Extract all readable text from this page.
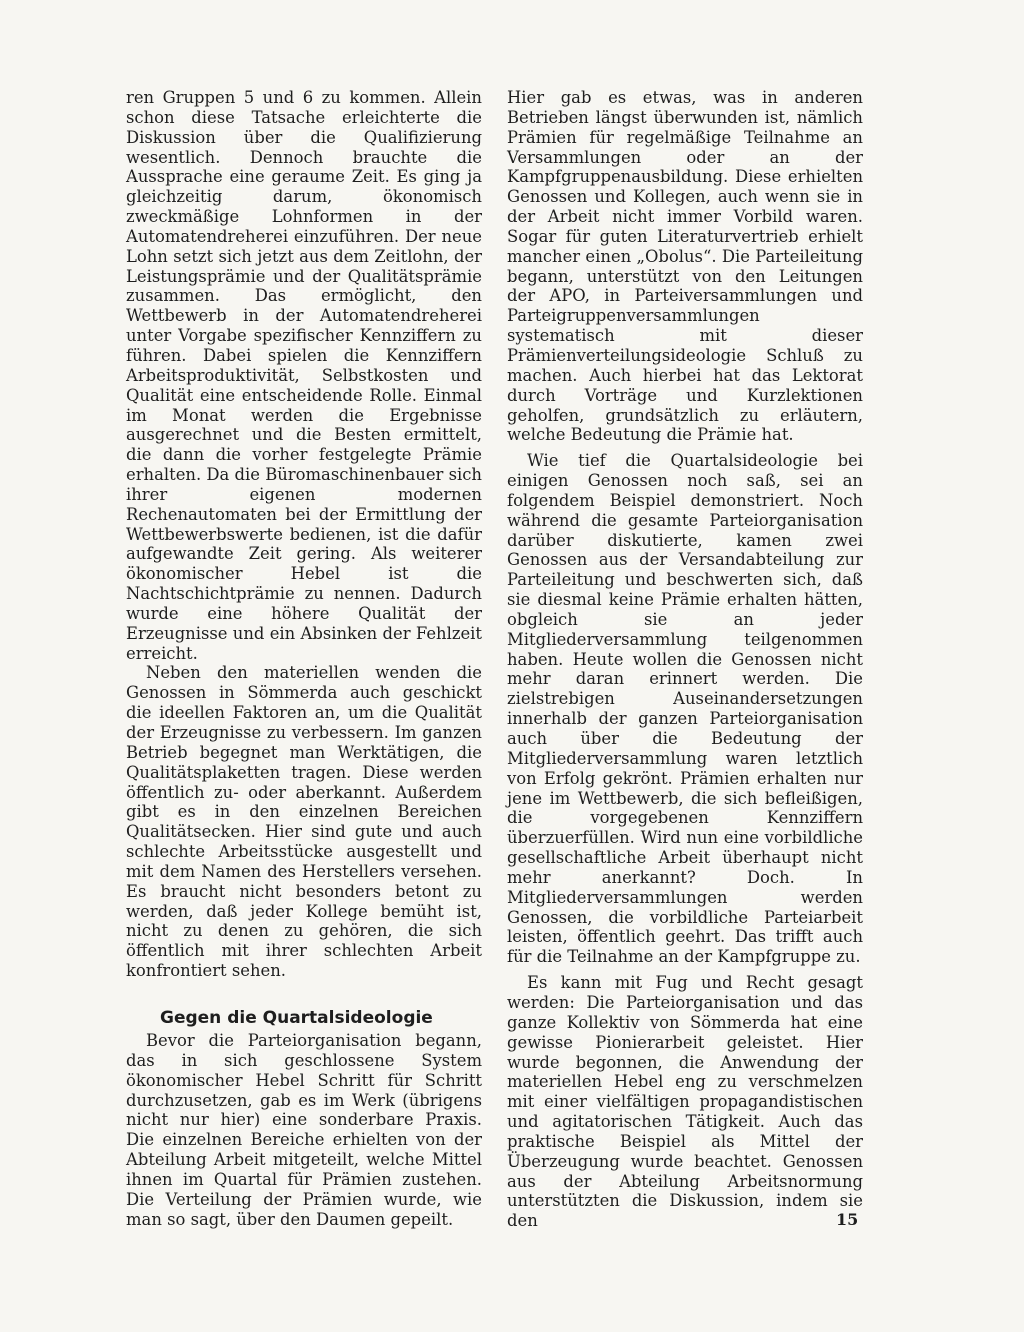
ren Gruppen 5 und 6 zu kommen. Allein schon diese Tatsache erleichterte die Diskussion über die Qualifizierung wesentlich. Dennoch brauchte die Aussprache eine geraume Zeit. Es ging ja gleichzeitig darum, ökonomisch zweckmäßige Lohnformen in der Automatendreherei einzuführen. Der neue Lohn setzt sich jetzt aus dem Zeitlohn, der Leistungsprämie und der Qualitätsprämie zusammen. Das ermöglicht, den Wettbewerb in der Automatendreherei unter Vorgabe spezifischer Kennziffern zu führen. Dabei spielen die Kennziffern Arbeitsproduktivität, Selbstkosten und Qualität eine entscheidende Rolle. Einmal im Monat werden die Ergebnisse ausgerechnet und die Besten ermittelt, die dann die vorher festgelegte Prämie erhalten. Da die Büromaschinenbauer sich ihrer eigenen modernen Rechenautomaten bei der Ermittlung der Wettbewerbswerte bedienen, ist die dafür aufgewandte Zeit gering. Als weiterer ökonomischer Hebel ist die Nachtschichtprämie zu nennen. Dadurch wurde eine höhere Qualität der Erzeugnisse und ein Absinken der Fehlzeit erreicht.

Neben den materiellen wenden die Genossen in Sömmerda auch geschickt die ideellen Faktoren an, um die Qualität der Erzeugnisse zu verbessern. Im ganzen Betrieb begegnet man Werktätigen, die Qualitätsplaketten tragen. Diese werden öffentlich zu- oder aberkannt. Außerdem gibt es in den einzelnen Bereichen Qualitätsecken. Hier sind gute und auch schlechte Arbeitsstücke ausgestellt und mit dem Namen des Herstellers versehen. Es braucht nicht besonders betont zu werden, daß jeder Kollege bemüht ist, nicht zu denen zu gehören, die sich öffentlich mit ihrer schlechten Arbeit konfrontiert sehen.

Gegen die Quartalsideologie

Bevor die Parteiorganisation begann, das in sich geschlossene System ökonomischer Hebel Schritt für Schritt durchzusetzen, gab es im Werk (übrigens nicht nur hier) eine sonderbare Praxis. Die einzelnen Bereiche erhielten von der Abteilung Arbeit mitgeteilt, welche Mittel ihnen im Quartal für Prämien zustehen. Die Verteilung der Prämien wurde, wie man so sagt, über den Daumen gepeilt.

Hier gab es etwas, was in anderen Betrieben längst überwunden ist, nämlich Prämien für regelmäßige Teilnahme an Versammlungen oder an der Kampfgruppenausbildung. Diese erhielten Genossen und Kollegen, auch wenn sie in der Arbeit nicht immer Vorbild waren. Sogar für guten Literaturvertrieb erhielt mancher einen „Obolus“. Die Parteileitung begann, unterstützt von den Leitungen der APO, in Parteiversammlungen und Parteigruppenversammlungen systematisch mit dieser Prämienverteilungsideologie Schluß zu machen. Auch hierbei hat das Lektorat durch Vorträge und Kurzlektionen geholfen, grundsätzlich zu erläutern, welche Bedeutung die Prämie hat.

Wie tief die Quartalsideologie bei einigen Genossen noch saß, sei an folgendem Beispiel demonstriert. Noch während die gesamte Parteiorganisation darüber diskutierte, kamen zwei Genossen aus der Versandabteilung zur Parteileitung und beschwerten sich, daß sie diesmal keine Prämie erhalten hätten, obgleich sie an jeder Mitgliederversammlung teilgenommen haben. Heute wollen die Genossen nicht mehr daran erinnert werden. Die zielstrebigen Auseinandersetzungen innerhalb der ganzen Parteiorganisation auch über die Bedeutung der Mitgliederversammlung waren letztlich von Erfolg gekrönt. Prämien erhalten nur jene im Wettbewerb, die sich befleißigen, die vorgegebenen Kennziffern überzuerfüllen. Wird nun eine vorbildliche gesellschaftliche Arbeit überhaupt nicht mehr anerkannt? Doch. In Mitgliederversammlungen werden Genossen, die vorbildliche Parteiarbeit leisten, öffentlich geehrt. Das trifft auch für die Teilnahme an der Kampfgruppe zu.

Es kann mit Fug und Recht gesagt werden: Die Parteiorganisation und das ganze Kollektiv von Sömmerda hat eine gewisse Pionierarbeit geleistet. Hier wurde begonnen, die Anwendung der materiellen Hebel eng zu verschmelzen mit einer vielfältigen propagandistischen und agitatorischen Tätigkeit. Auch das praktische Beispiel als Mittel der Überzeugung wurde beachtet. Genossen aus der Abteilung Arbeitsnormung unterstützten die Diskussion, indem sie den	15
